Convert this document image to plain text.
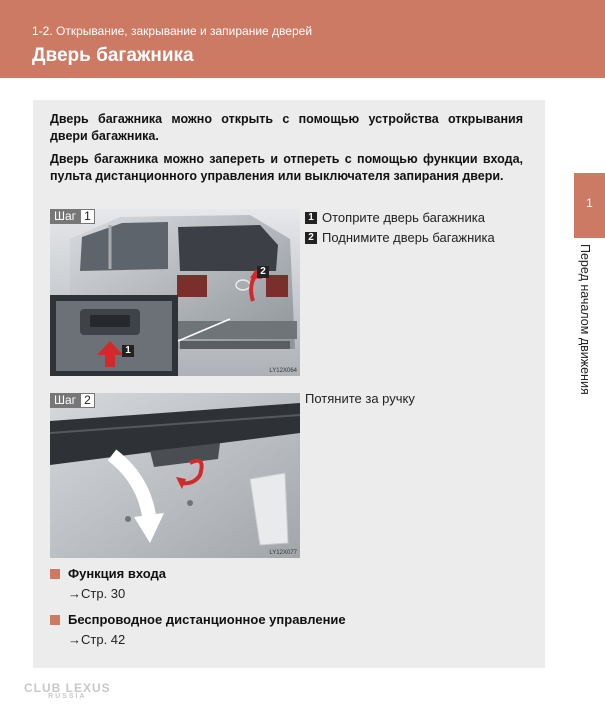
1-2. Открывание, закрывание и запирание дверей
Дверь багажника
1
Перед началом движения

Дверь багажника можно открыть с помощью устройства открывания двери багажника.

Дверь багажника можно запереть и отпереть с помощью функции входа, пульта дистанционного управления или выключателя запирания двери.

Шаг 1
1
2
LY12X064
1 Отоприте дверь багажника
2 Поднимите дверь багажника
Шаг 2
LY12X077
Потяните за ручку
Функция входа
→Стр. 30
Беспроводное дистанционное управление
→Стр. 42
CLUB LEXUS
RUSSIA
